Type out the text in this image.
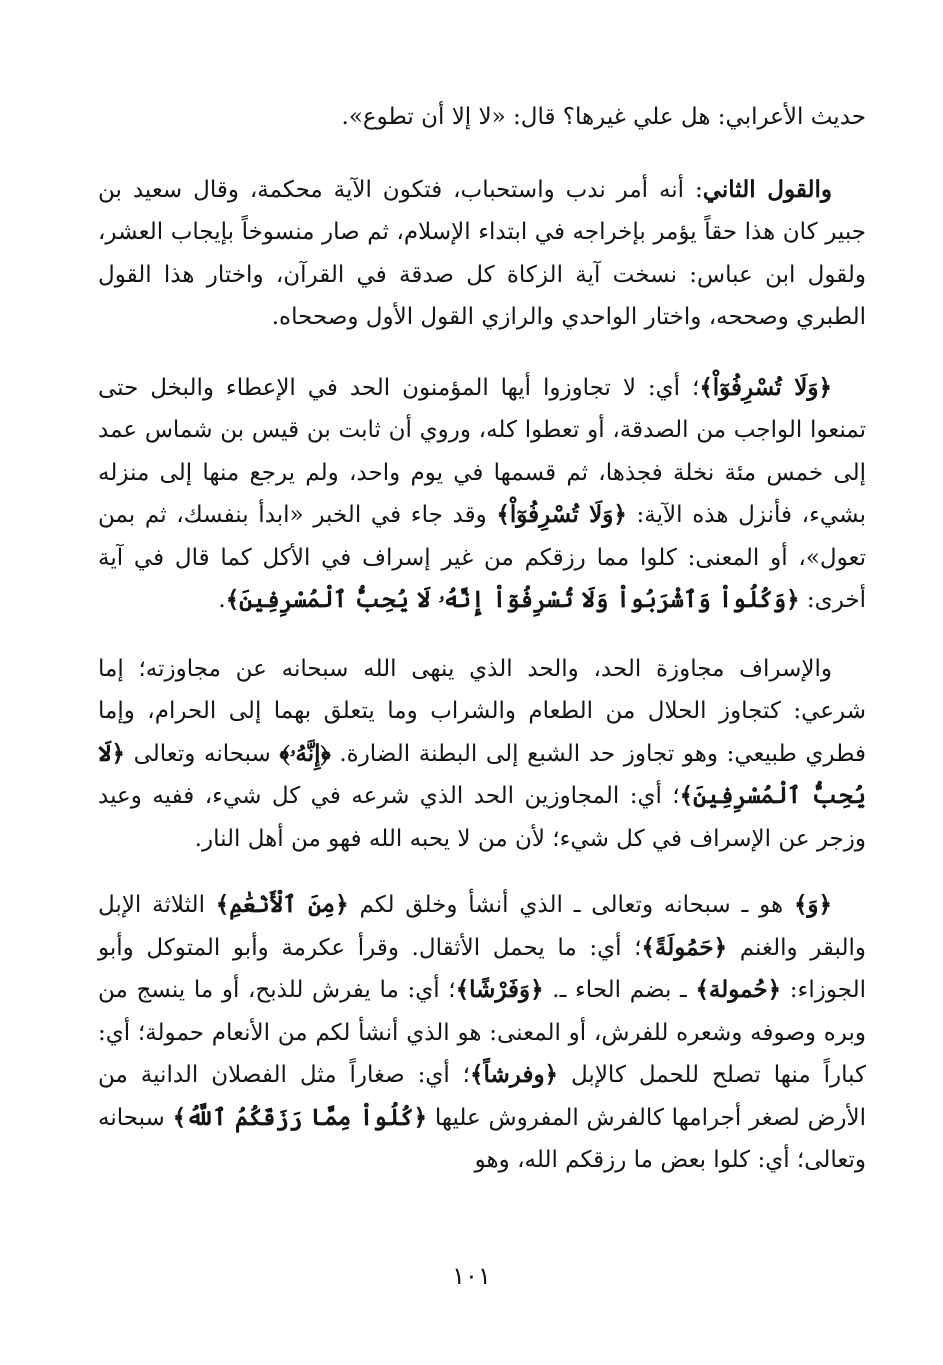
حديث الأعرابي: هل علي غيرها؟ قال: «لا إلا أن تطوع».

والقول الثاني: أنه أمر ندب واستحباب، فتكون الآية محكمة، وقال سعيد بن جبير كان هذا حقاً يؤمر بإخراجه في ابتداء الإسلام، ثم صار منسوخاً بإيجاب العشر، ولقول ابن عباس: نسخت آية الزكاة كل صدقة في القرآن، واختار هذا القول الطبري وصححه، واختار الواحدي والرازي القول الأول وصححاه.

﴿وَلَا تُسْرِفُوٓاْ﴾؛ أي: لا تجاوزوا أيها المؤمنون الحد في الإعطاء والبخل حتى تمنعوا الواجب من الصدقة، أو تعطوا كله، وروي أن ثابت بن قيس بن شماس عمد إلى خمس مئة نخلة فجذها، ثم قسمها في يوم واحد، ولم يرجع منها إلى منزله بشيء، فأنزل هذه الآية: ﴿وَلَا تُسْرِفُوٓاْ﴾ وقد جاء في الخبر «ابدأ بنفسك، ثم بمن تعول»، أو المعنى: كلوا مما رزقكم من غير إسراف في الأكل كما قال في آية أخرى: ﴿وَكُلُواْ وَٱشْرَبُواْ وَلَا تُسْرِفُوٓاْ إِنَّهُۥ لَا يُحِبُّ ٱلْمُسْرِفِينَ﴾.

والإسراف مجاوزة الحد، والحد الذي ينهى الله سبحانه عن مجاوزته؛ إما شرعي: كتجاوز الحلال من الطعام والشراب وما يتعلق بهما إلى الحرام، وإما فطري طبيعي: وهو تجاوز حد الشبع إلى البطنة الضارة. ﴿إِنَّهُۥ﴾ سبحانه وتعالى ﴿لَا يُحِبُّ ٱلْمُسْرِفِينَ﴾؛ أي: المجاوزين الحد الذي شرعه في كل شيء، ففيه وعيد وزجر عن الإسراف في كل شيء؛ لأن من لا يحبه الله فهو من أهل النار.

﴿وَ﴾ هو ـ سبحانه وتعالى ـ الذي أنشأ وخلق لكم ﴿مِنَ ٱلْأَنْعَٰمِ﴾ الثلاثة الإبل والبقر والغنم ﴿حَمُولَةً﴾؛ أي: ما يحمل الأثقال. وقرأ عكرمة وأبو المتوكل وأبو الجوزاء: ﴿حُمولة﴾ ـ بضم الحاء ـ. ﴿وَفَرْشًا﴾؛ أي: ما يفرش للذبح، أو ما ينسج من وبره وصوفه وشعره للفرش، أو المعنى: هو الذي أنشأ لكم من الأنعام حمولة؛ أي: كباراً منها تصلح للحمل كالإبل ﴿وفرشاً﴾؛ أي: صغاراً مثل الفصلان الدانية من الأرض لصغر أجرامها كالفرش المفروش عليها ﴿كُلُواْ مِمَّا رَزَقَكُمُ ٱللَّهُ﴾ سبحانه وتعالى؛ أي: كلوا بعض ما رزقكم الله، وهو

١٠١
